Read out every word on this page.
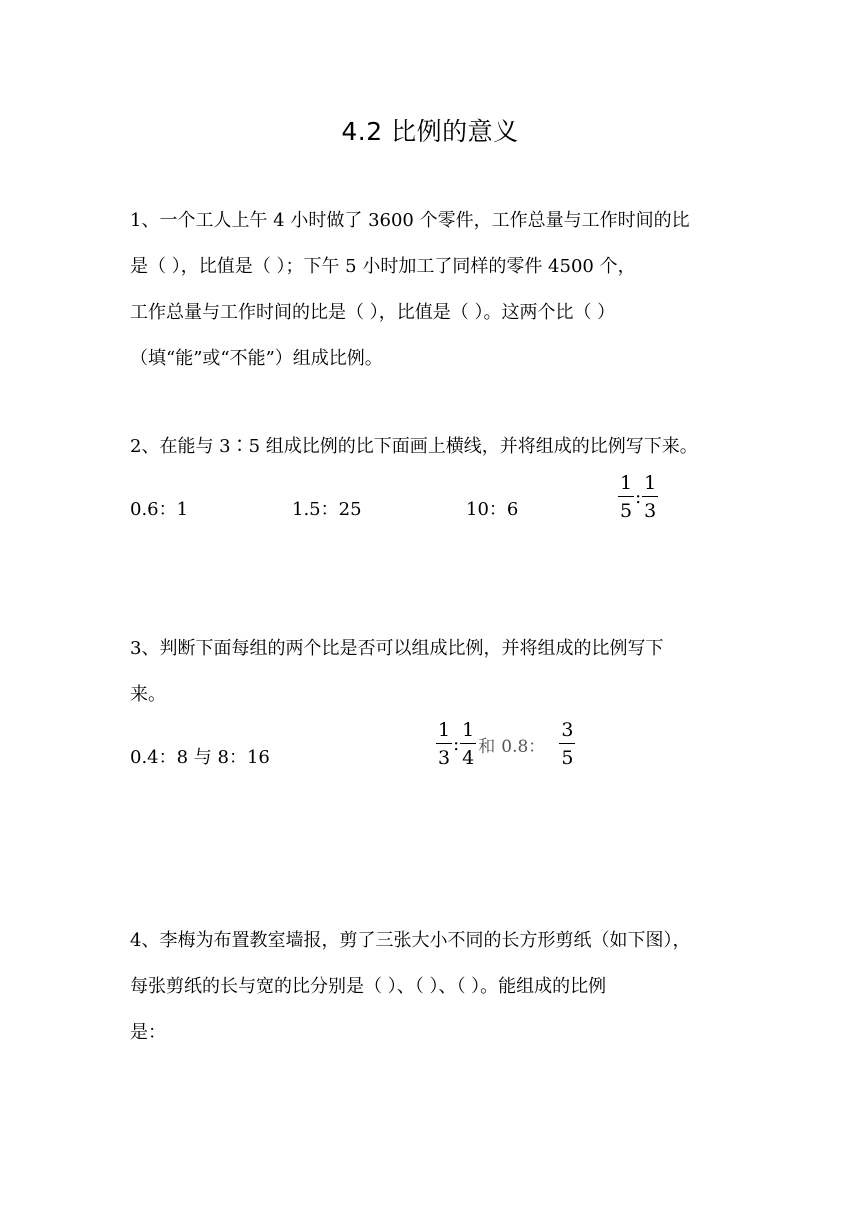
4.2 比例的意义
1、一个工人上午 4 小时做了 3600 个零件，工作总量与工作时间的比
是（ ），比值是（ ）；下午 5 小时加工了同样的零件 4500 个，
工作总量与工作时间的比是（ ），比值是（ ）。这两个比（ ）
（填“能”或“不能”）组成比例。
2、在能与 3∶5 组成比例的比下面画上横线，并将组成的比例写下来。
0.6：1	1.5：25	10：6	$\frac{1}{5}$ : $\frac{1}{3}$
3、判断下面每组的两个比是否可以组成比例，并将组成的比例写下
来。
0.4：8 与 8：16	$\frac{1}{3}$ : $\frac{1}{4}$ 和 0.8： $\frac{3}{5}$
4、李梅为布置教室墙报，剪了三张大小不同的长方形剪纸（如下图），
每张剪纸的长与宽的比分别是（ ）、（ ）、（ ）。能组成的比例
是：
